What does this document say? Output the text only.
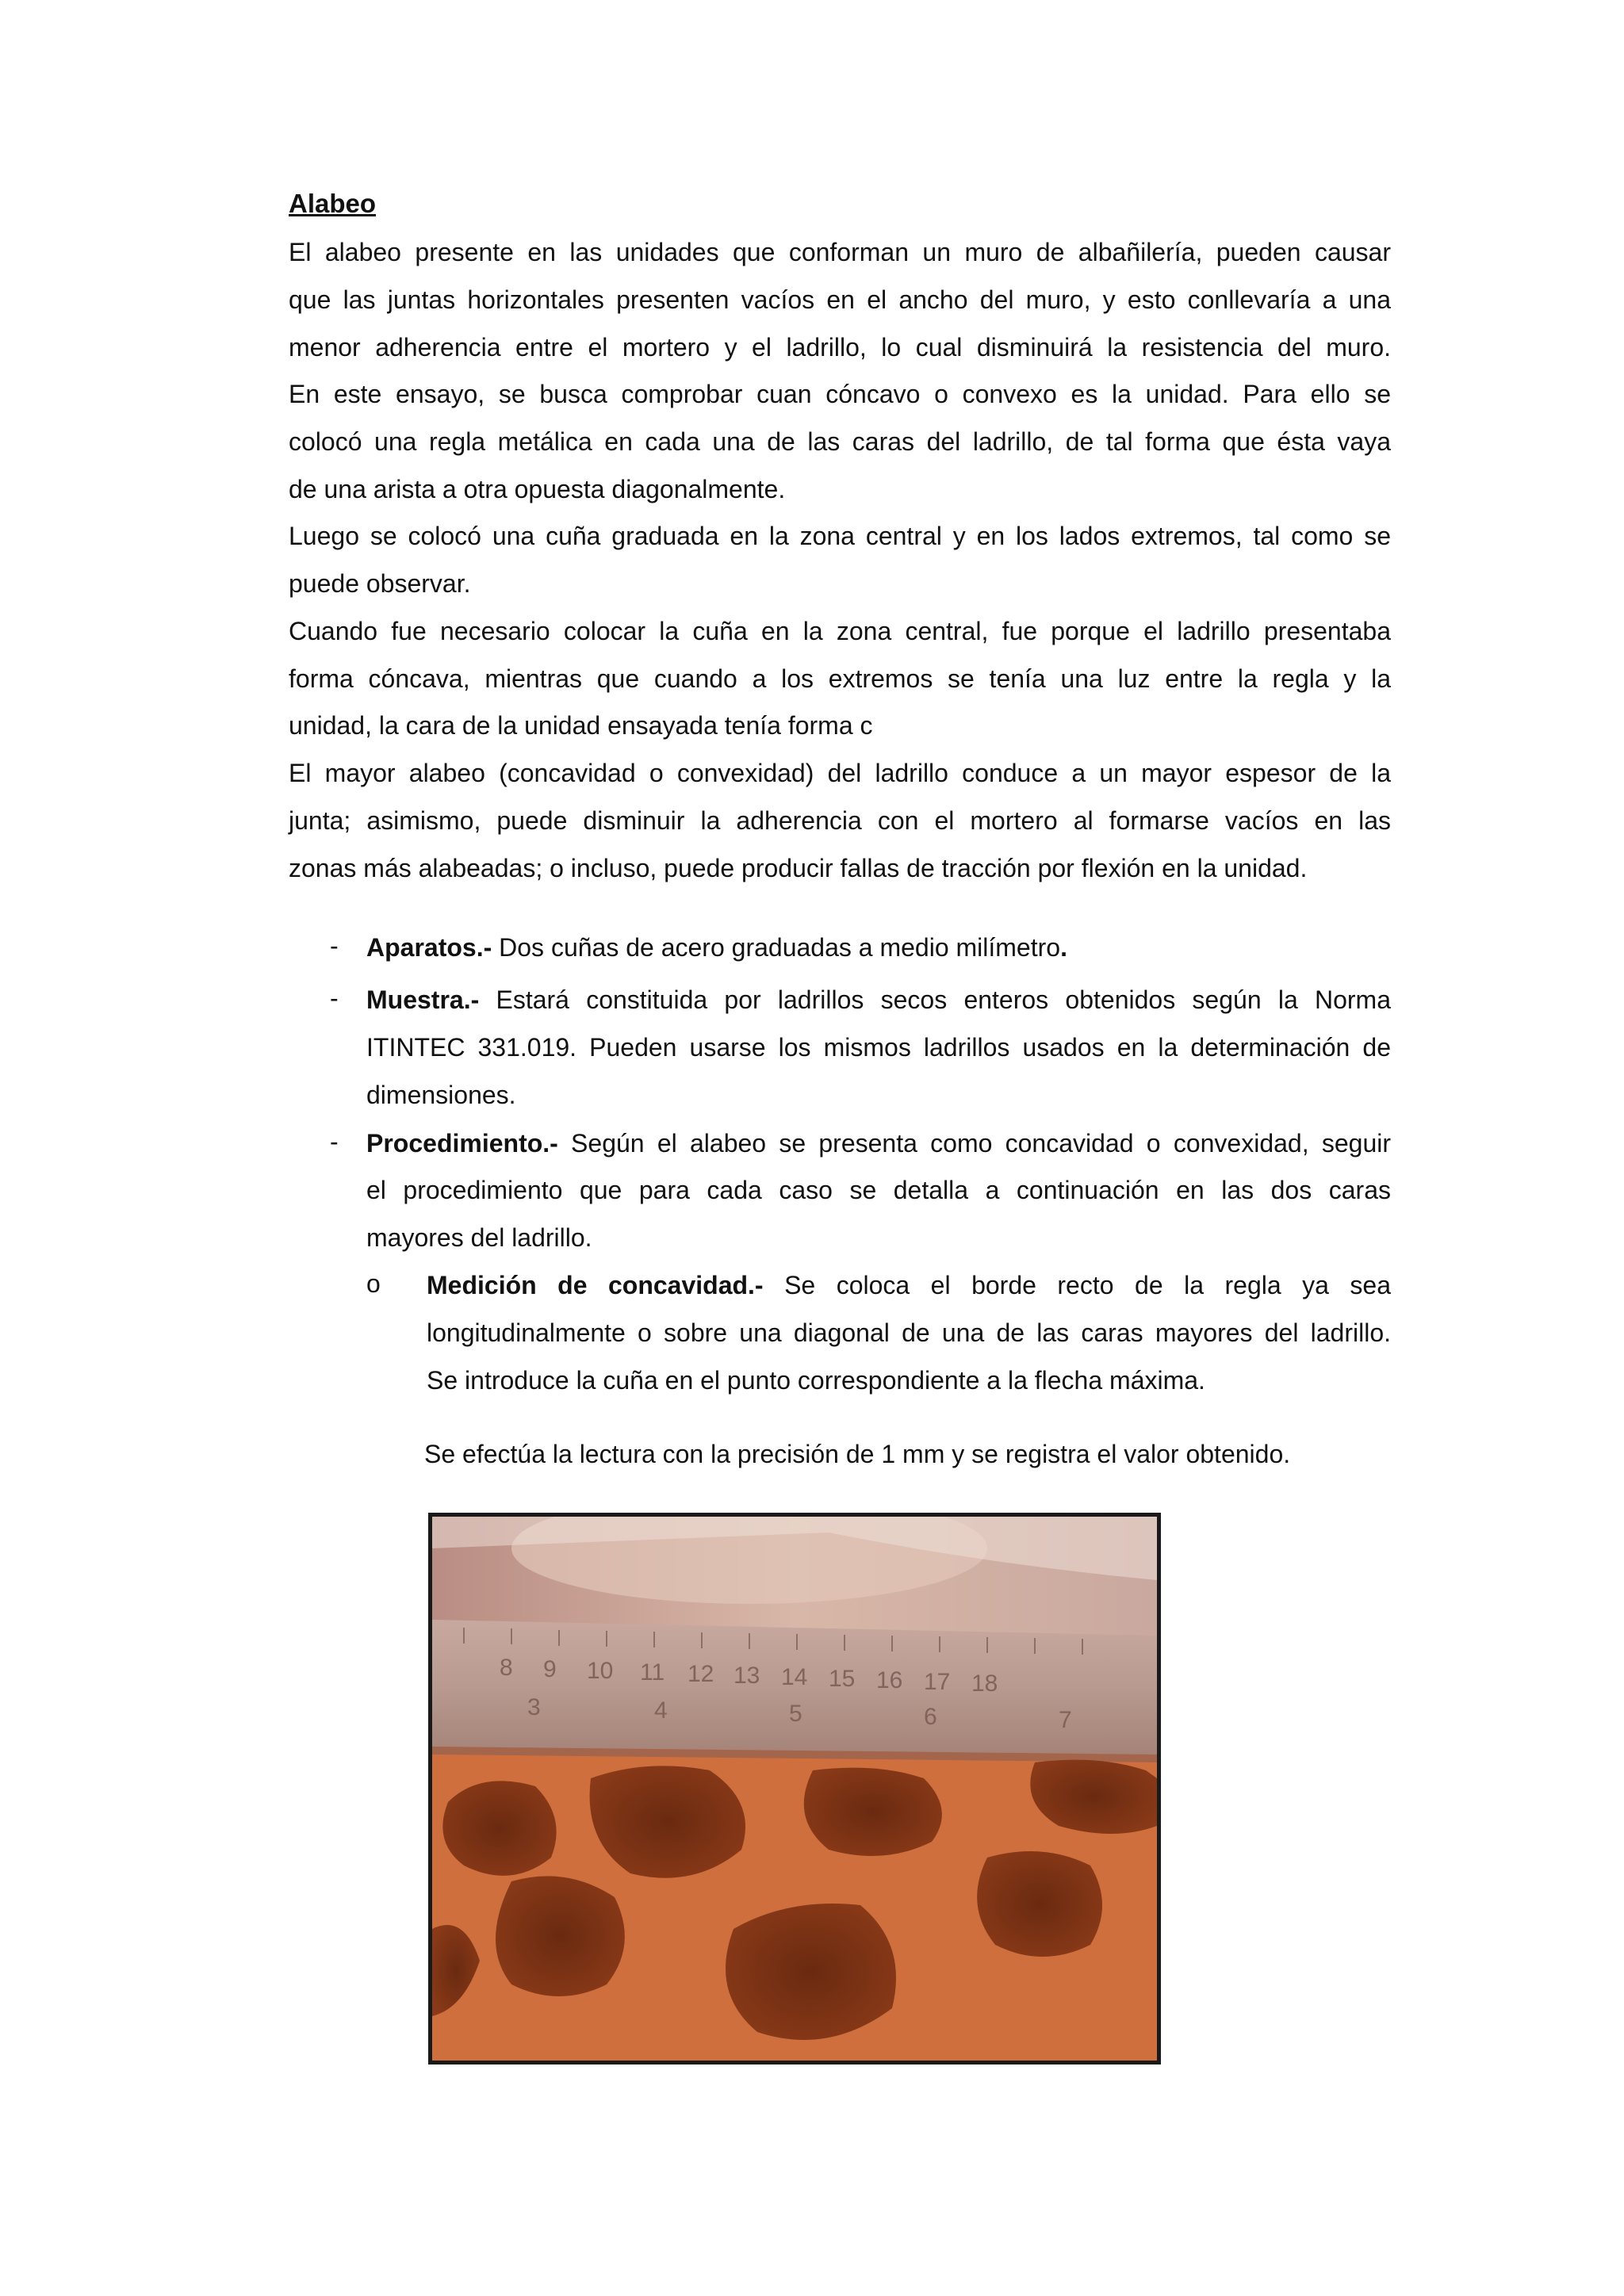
Alabeo
El alabeo presente en las unidades que conforman un muro de albañilería, pueden causar
que las juntas horizontales presenten vacíos en el ancho del muro, y esto conllevaría a una
menor adherencia entre el mortero y el ladrillo, lo cual disminuirá la resistencia del muro.
En este ensayo, se busca comprobar cuan cóncavo o convexo es la unidad. Para ello se
colocó una regla metálica en cada una de las caras del ladrillo, de tal forma que ésta vaya
de una arista a otra opuesta diagonalmente.
Luego se colocó una cuña graduada en la zona central y en los lados extremos, tal como se
puede observar.
Cuando fue necesario colocar la cuña en la zona central, fue porque el ladrillo presentaba
forma cóncava, mientras que cuando a los extremos se tenía una luz entre la regla y la
unidad, la cara de la unidad ensayada tenía forma c
El mayor alabeo (concavidad o convexidad) del ladrillo conduce a un mayor espesor de la
junta; asimismo, puede disminuir la adherencia con el mortero al formarse vacíos en las
zonas más alabeadas; o incluso, puede producir fallas de tracción por flexión en la unidad.
- Aparatos.- Dos cuñas de acero graduadas a medio milímetro.
- Muestra.- Estará constituida por ladrillos secos enteros obtenidos según la Norma
ITINTEC 331.019. Pueden usarse los mismos ladrillos usados en la determinación de
dimensiones.
- Procedimiento.- Según el alabeo se presenta como concavidad o convexidad, seguir
el procedimiento que para cada caso se detalla a continuación en las dos caras
mayores del ladrillo.
o Medición de concavidad.- Se coloca el borde recto de la regla ya sea
longitudinalmente o sobre una diagonal de una de las caras mayores del ladrillo.
Se introduce la cuña en el punto correspondiente a la flecha máxima.
Se efectúa la lectura con la precisión de 1 mm y se registra el valor obtenido.
8 9 10 11 12 13 14 15 16 17 18
3	4	5	6	7
